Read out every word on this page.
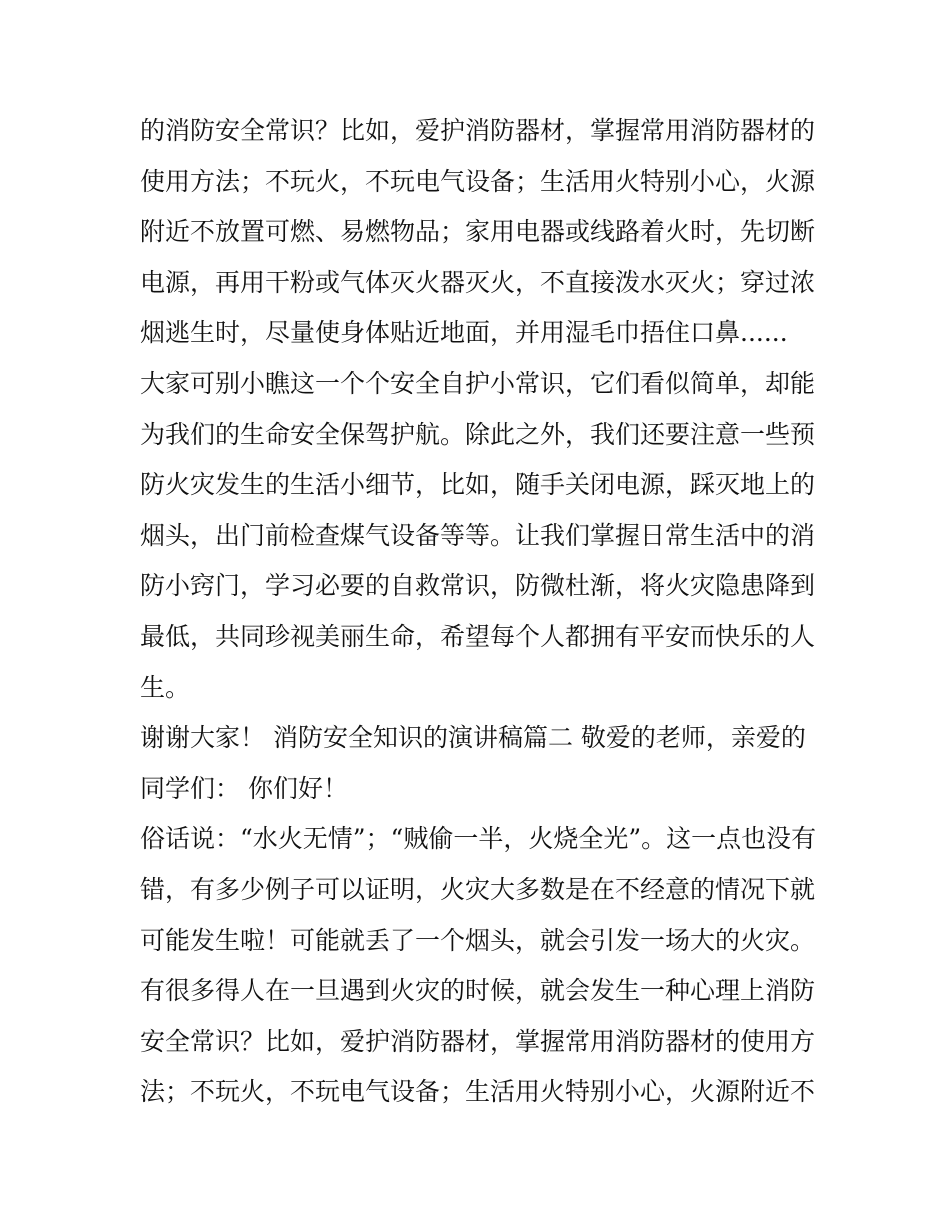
的消防安全常识？比如，爱护消防器材，掌握常用消防器材的
使用方法；不玩火，不玩电气设备；生活用火特别小心，火源
附近不放置可燃、易燃物品；家用电器或线路着火时，先切断
电源，再用干粉或气体灭火器灭火，不直接泼水灭火；穿过浓
烟逃生时，尽量使身体贴近地面，并用湿毛巾捂住口鼻......
大家可别小瞧这一个个安全自护小常识，它们看似简单，却能
为我们的生命安全保驾护航。除此之外，我们还要注意一些预
防火灾发生的生活小细节，比如，随手关闭电源，踩灭地上的
烟头，出门前检查煤气设备等等。让我们掌握日常生活中的消
防小窍门，学习必要的自救常识，防微杜渐，将火灾隐患降到
最低，共同珍视美丽生命，希望每个人都拥有平安而快乐的人
生。
谢谢大家！ 消防安全知识的演讲稿篇二 敬爱的老师，亲爱的
同学们： 你们好！
俗话说：“水火无情”；“贼偷一半，火烧全光”。这一点也没有
错，有多少例子可以证明，火灾大多数是在不经意的情况下就
可能发生啦！可能就丢了一个烟头，就会引发一场大的火灾。
有很多得人在一旦遇到火灾的时候，就会发生一种心理上消防
安全常识？比如，爱护消防器材，掌握常用消防器材的使用方
法；不玩火，不玩电气设备；生活用火特别小心，火源附近不
